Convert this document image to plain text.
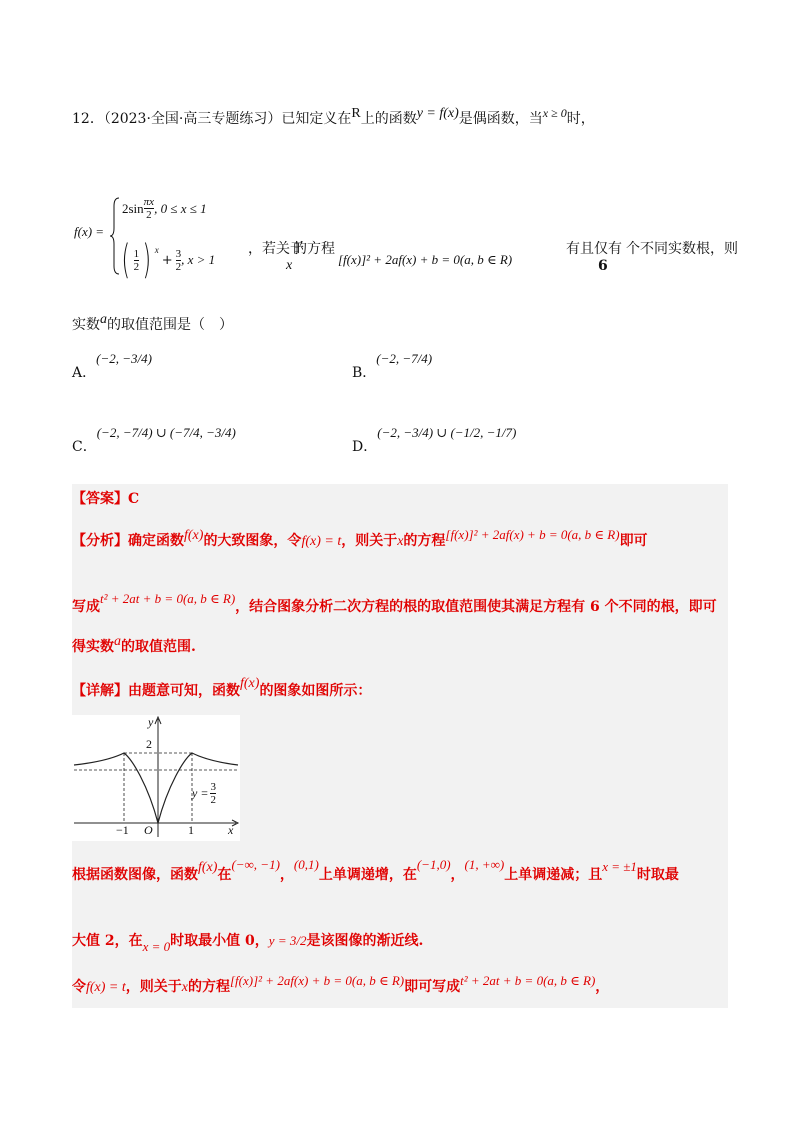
12．（2023·全国·高三专题练习）已知定义在R上的函数y = f(x)是偶函数，当x ≥ 0时，
f(x) =
$2\sin \frac{\pi x}{2}$ , 0 ≤ x ≤ 1
( $\frac{1}{2}$ ) $^x$
+ $\frac{3}{2}$ , x > 1
，若关于
x
的方程
[f(x)]² + 2af(x) + b = 0(a, b ∈ R)
有且仅有
6
个不同实数根，则
实数a的取值范围是（　）
A．(−2, −3/4)
B．(−2, −7/4)
C．(−2, −7/4) ∪ (−7/4, −3/4)
D．(−2, −3/4) ∪ (−1/2, −1/7)
【答案】C
【分析】确定函数f(x)的大致图象，令f(x) = t，则关于x的方程[f(x)]² + 2af(x) + b = 0(a, b ∈ R)即可
写成t² + 2at + b = 0(a, b ∈ R)，结合图象分析二次方程的根的取值范围使其满足方程有 6 个不同的根，即可
得实数a的取值范围.
【详解】由题意可知，函数f(x)的图象如图所示：
y
x
O
−1	1
2
$y = \frac{3}{2}$
根据函数图像，函数f(x)在(−∞, −1)，(0,1)上单调递增，在(−1,0)，(1, +∞)上单调递减；且x = ±1时取最
大值 2，在x = 0时取最小值 0，y = 3/2是该图像的渐近线.
令f(x) = t，则关于x的方程[f(x)]² + 2af(x) + b = 0(a, b ∈ R)即可写成t² + 2at + b = 0(a, b ∈ R)，
